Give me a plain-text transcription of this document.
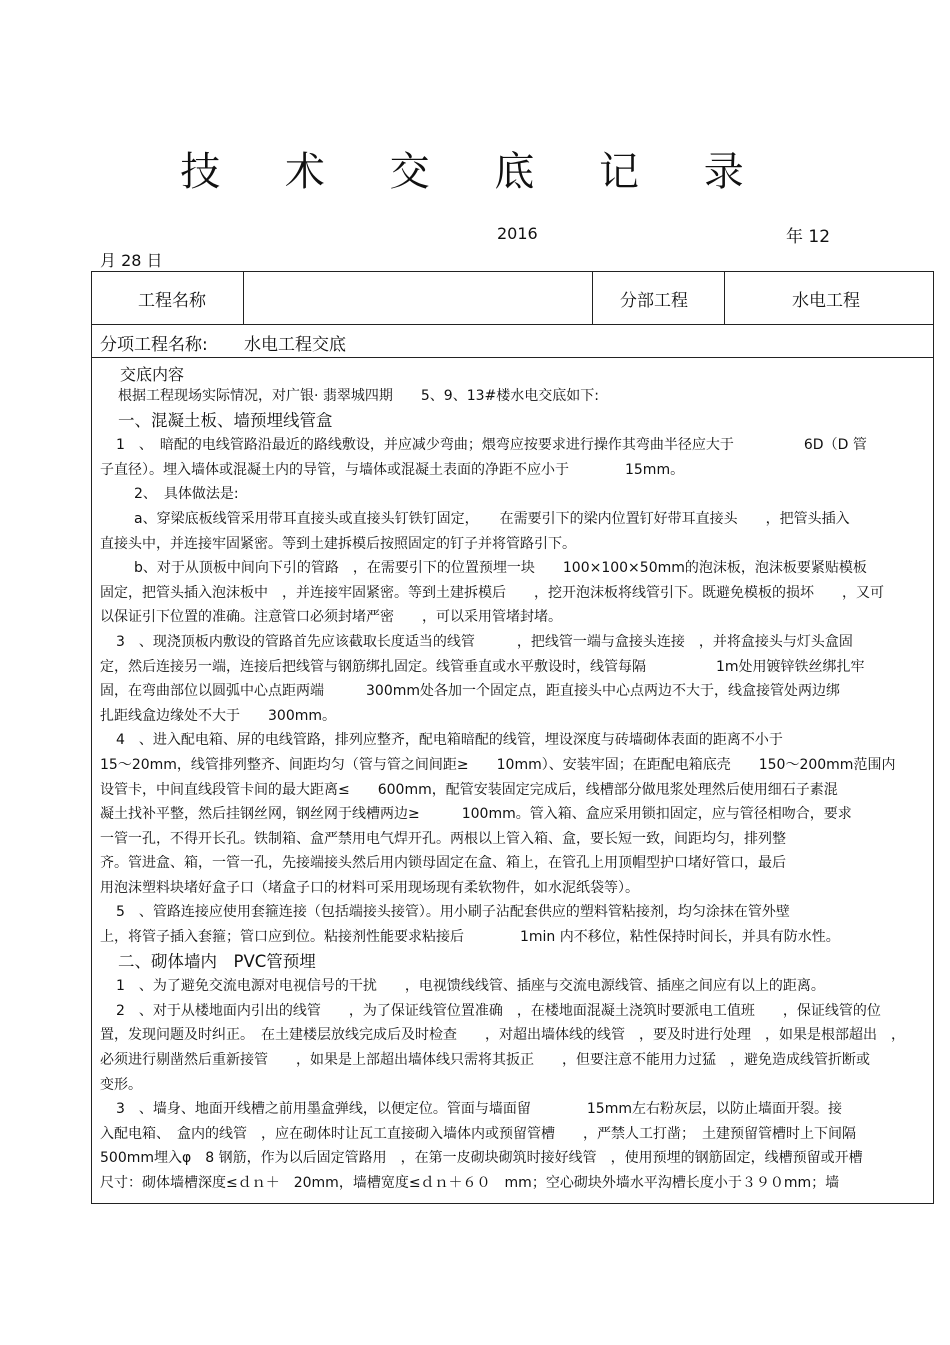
技 术 交 底 记 录
2016	年 12
月 28 日
工程名称	分部工程	水电工程
分项工程名称: 水电工程交底
交底内容
根据工程现场实际情况，对广银· 翡翠城四期　　5、9、13#楼水电交底如下:
一、混凝土板、墙预埋线管盒
1　、　暗配的电线管路沿最近的路线敷设，并应减少弯曲；煨弯应按要求进行操作其弯曲半径应大于　　　　　6D（D 管
子直径）。埋入墙体或混凝土内的导管，与墙体或混凝土表面的净距不应小于　　　　15mm。
2、　具体做法是:
a、穿梁底板线管采用带耳直接头或直接头钉铁钉固定，　　在需要引下的梁内位置钉好带耳直接头　　，把管头插入
直接头中，并连接牢固紧密。等到土建拆模后按照固定的钉子并将管路引下。
b、对于从顶板中间向下引的管路　，在需要引下的位置预埋一块　　100×100×50mm的泡沫板，泡沫板要紧贴模板
固定，把管头插入泡沫板中　，并连接牢固紧密。等到土建拆模后　　，挖开泡沫板将线管引下。既避免模板的损坏　　，又可
以保证引下位置的准确。注意管口必须封堵严密　　，可以采用管堵封堵。
3　、现浇顶板内敷设的管路首先应该截取长度适当的线管　　　，把线管一端与盒接头连接　，并将盒接头与灯头盒固
定，然后连接另一端，连接后把线管与钢筋绑扎固定。线管垂直或水平敷设时，线管每隔　　　　　1m处用镀锌铁丝绑扎牢
固，在弯曲部位以圆弧中心点距两端　　　300mm处各加一个固定点，距直接头中心点两边不大于，线盒接管处两边绑
扎距线盒边缘处不大于　　300mm。
4　、进入配电箱、屏的电线管路，排列应整齐，配电箱暗配的线管，埋设深度与砖墙砌体表面的距离不小于
15～20mm，线管排列整齐、间距均匀（管与管之间间距≥　　10mm）、安装牢固；在距配电箱底壳　　150～200mm范围内
设管卡，中间直线段管卡间的最大距离≤　　600mm，配管安装固定完成后，线槽部分做甩浆处理然后使用细石子素混
凝土找补平整，然后挂钢丝网，钢丝网于线槽两边≥　　　100mm。管入箱、盒应采用锁扣固定，应与管径相吻合，要求
一管一孔，不得开长孔。铁制箱、盒严禁用电气焊开孔。两根以上管入箱、盒，要长短一致，间距均匀，排列整
齐。管进盒、箱，一管一孔，先接端接头然后用内锁母固定在盒、箱上，在管孔上用顶帽型护口堵好管口，最后
用泡沫塑料块堵好盒子口（堵盒子口的材料可采用现场现有柔软物件，如水泥纸袋等）。
5　、管路连接应使用套箍连接（包括端接头接管）。用小刷子沾配套供应的塑料管粘接剂，均匀涂抹在管外壁
上，将管子插入套箍；管口应到位。粘接剂性能要求粘接后　　　　1min 内不移位，粘性保持时间长，并具有防水性。
二、砌体墙内　PVC管预埋
1　、为了避免交流电源对电视信号的干扰　　，电视馈线线管、插座与交流电源线管、插座之间应有以上的距离。
2　、对于从楼地面内引出的线管　　，为了保证线管位置准确　，在楼地面混凝土浇筑时要派电工值班　　，保证线管的位
置，发现问题及时纠正。　在土建楼层放线完成后及时检查　　，对超出墙体线的线管　，要及时进行处理　，如果是根部超出　，
必须进行剔凿然后重新接管　　，如果是上部超出墙体线只需将其扳正　　，但要注意不能用力过猛　，避免造成线管折断或
变形。
3　、墙身、地面开线槽之前用墨盒弹线，以便定位。管面与墙面留　　　　15mm左右粉灰层，以防止墙面开裂。接
入配电箱、　盒内的线管　，应在砌体时让瓦工直接砌入墙体内或预留管槽　　，严禁人工打凿；　土建预留管槽时上下间隔
500mm埋入φ　8 钢筋，作为以后固定管路用　，在第一皮砌块砌筑时接好线管　，使用预埋的钢筋固定，线槽预留或开槽
尺寸：砌体墙槽深度≤ｄｎ＋　20mm，墙槽宽度≤ｄｎ＋６０　mm；空心砌块外墙水平沟槽长度小于３９０mm；墙
